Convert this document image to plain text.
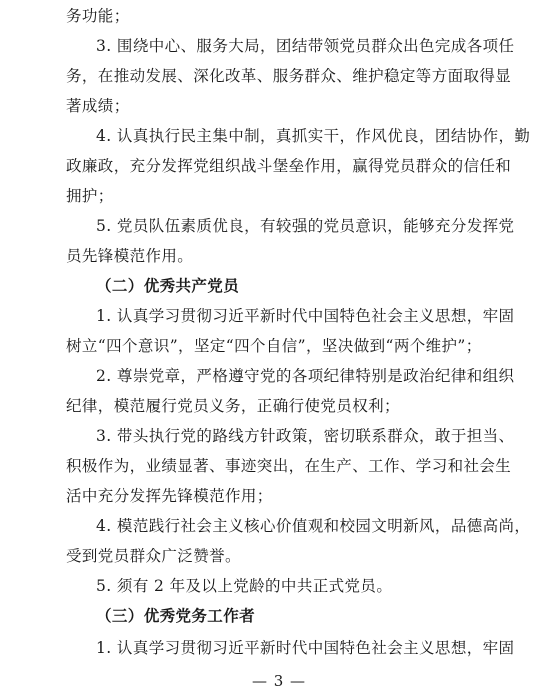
务功能；
3. 围绕中心、服务大局，团结带领党员群众出色完成各项任
务，在推动发展、深化改革、服务群众、维护稳定等方面取得显
著成绩；
4. 认真执行民主集中制，真抓实干，作风优良，团结协作，勤
政廉政，充分发挥党组织战斗堡垒作用，赢得党员群众的信任和
拥护；
5. 党员队伍素质优良，有较强的党员意识，能够充分发挥党
员先锋模范作用。
（二）优秀共产党员
1. 认真学习贯彻习近平新时代中国特色社会主义思想，牢固
树立“四个意识”，坚定“四个自信”，坚决做到“两个维护”；
2. 尊崇党章，严格遵守党的各项纪律特别是政治纪律和组织
纪律，模范履行党员义务，正确行使党员权利；
3. 带头执行党的路线方针政策，密切联系群众，敢于担当、
积极作为，业绩显著、事迹突出，在生产、工作、学习和社会生
活中充分发挥先锋模范作用；
4. 模范践行社会主义核心价值观和校园文明新风，品德高尚，
受到党员群众广泛赞誉。
5. 须有 2 年及以上党龄的中共正式党员。
（三）优秀党务工作者
1. 认真学习贯彻习近平新时代中国特色社会主义思想，牢固
— 3 —
